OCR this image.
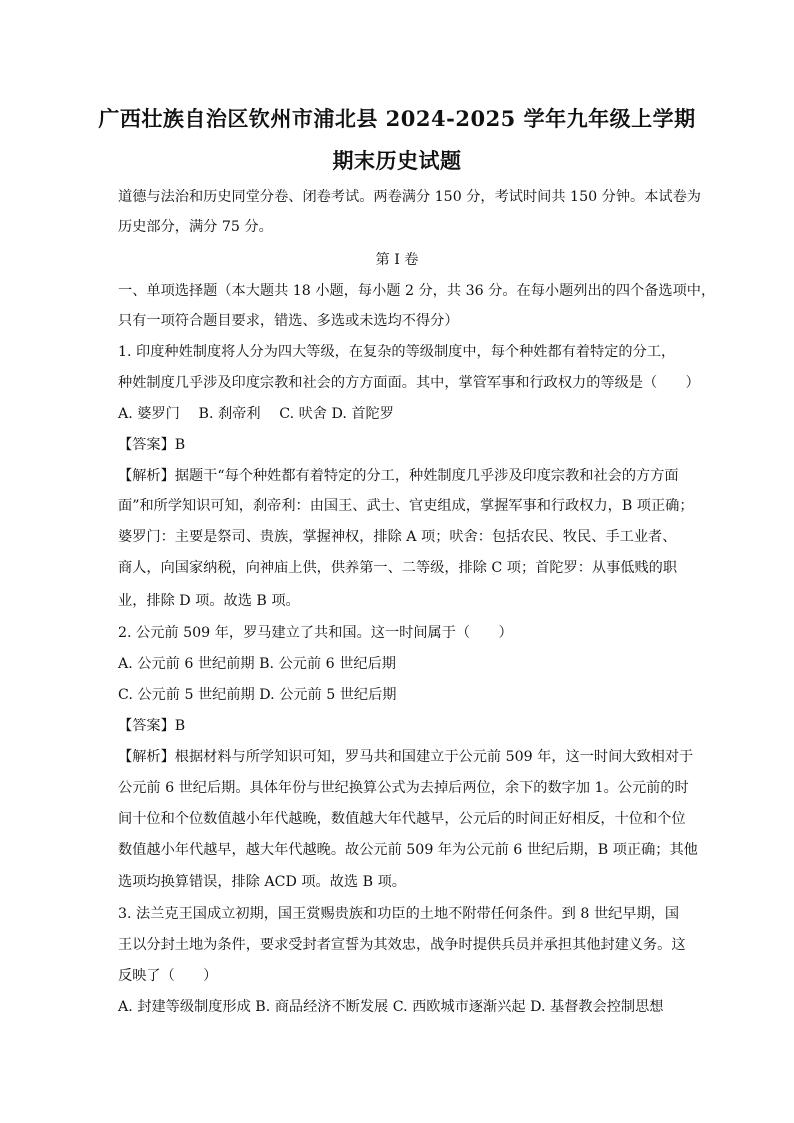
广西壮族自治区钦州市浦北县 2024-2025 学年九年级上学期
期末历史试题
道德与法治和历史同堂分卷、闭卷考试。两卷满分 150 分，考试时间共 150 分钟。本试卷为
历史部分，满分 75 分。
第 I 卷
一、单项选择题（本大题共 18 小题，每小题 2 分，共 36 分。在每小题列出的四个备选项中，
只有一项符合题目要求，错选、多选或未选均不得分）
1. 印度种姓制度将人分为四大等级，在复杂的等级制度中，每个种姓都有着特定的分工，
种姓制度几乎涉及印度宗教和社会的方方面面。其中，掌管军事和行政权力的等级是（　　）
A. 婆罗门　 B. 刹帝利　 C. 吠舍 D. 首陀罗
【答案】B
【解析】据题干“每个种姓都有着特定的分工，种姓制度几乎涉及印度宗教和社会的方方面
面”和所学知识可知，刹帝利：由国王、武士、官吏组成，掌握军事和行政权力，B 项正确；
婆罗门：主要是祭司、贵族，掌握神权，排除 A 项；吠舍：包括农民、牧民、手工业者、
商人，向国家纳税，向神庙上供，供养第一、二等级，排除 C 项；首陀罗：从事低贱的职
业，排除 D 项。故选 B 项。
2. 公元前 509 年，罗马建立了共和国。这一时间属于（　　）
A. 公元前 6 世纪前期 B. 公元前 6 世纪后期
C. 公元前 5 世纪前期 D. 公元前 5 世纪后期
【答案】B
【解析】根据材料与所学知识可知，罗马共和国建立于公元前 509 年，这一时间大致相对于
公元前 6 世纪后期。具体年份与世纪换算公式为去掉后两位，余下的数字加 1。公元前的时
间十位和个位数值越小年代越晚，数值越大年代越早，公元后的时间正好相反，十位和个位
数值越小年代越早，越大年代越晚。故公元前 509 年为公元前 6 世纪后期，B 项正确；其他
选项均换算错误，排除 ACD 项。故选 B 项。
3. 法兰克王国成立初期，国王赏赐贵族和功臣的土地不附带任何条件。到 8 世纪早期，国
王以分封土地为条件，要求受封者宣誓为其效忠，战争时提供兵员并承担其他封建义务。这
反映了（　　）
A. 封建等级制度形成 B. 商品经济不断发展 C. 西欧城市逐渐兴起 D. 基督教会控制思想
